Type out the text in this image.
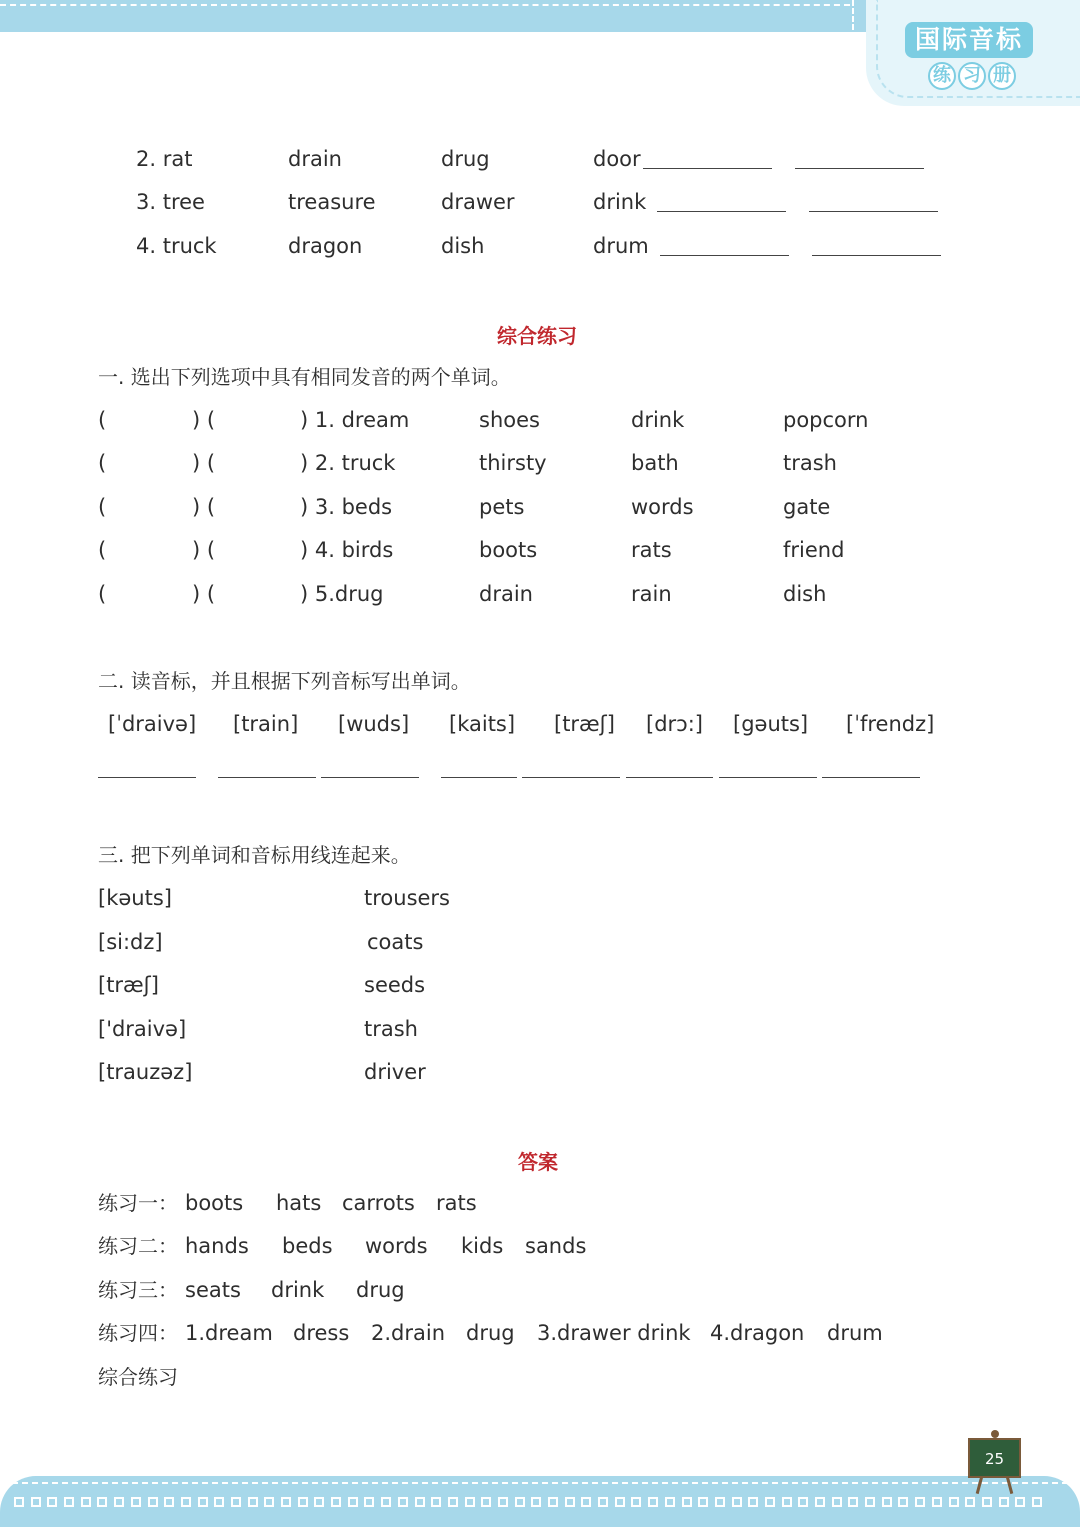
国际音标
练 习 册
2. rat	drain	drug	door
3. tree	treasure	drawer	drink
4. truck	dragon	dish	drum
综合练习
一. 选出下列选项中具有相同发音的两个单词。
(	) (	) 1. dream	shoes	drink	popcorn
(	) (	) 2. truck	thirsty	bath	trash
(	) (	) 3. beds	pets	words	gate
(	) (	) 4. birds	boots	rats	friend
(	) (	) 5.drug	drain	rain	dish
二. 读音标，并且根据下列音标写出单词。
[ˈdraivə] [train] [wuds] [kaits] [træʃ] [drɔ:] [gəuts] [ˈfrendz]
三. 把下列单词和音标用线连起来。
[kəuts]	trousers
[si:dz]	coats
[træʃ]	seeds
['draivə]	trash
[trauzəz]	driver
答案
练习一： boots hats carrots rats
练习二： hands beds words kids sands
练习三： seats drink drug
练习四： 1.dream dress 2.drain drug 3.drawer drink 4.dragon drum
综合练习
25
